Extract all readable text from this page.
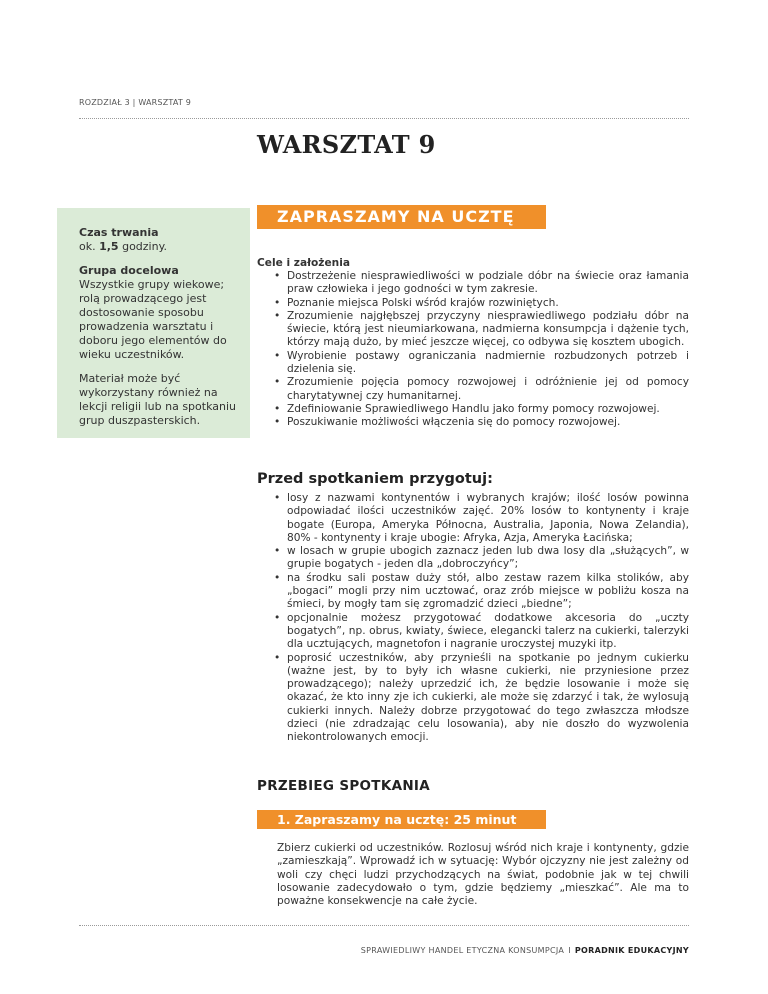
ROZDZIAŁ 3 | WARSZTAT 9
WARSZTAT 9

Czas trwania

ok. 1,5 godziny.

Grupa docelowa

Wszystkie grupy wiekowe; rolą prowadzącego jest dostosowanie sposobu prowadzenia warsztatu i doboru jego elementów do wieku uczestników.

Materiał może być wykorzystany również na lekcji religii lub na spotkaniu grup duszpasterskich.

ZAPRASZAMY NA UCZTĘ
Cele i założenia
• Dostrzeżenie niesprawiedliwości w podziale dóbr na świecie oraz łamania praw człowieka i jego godności w tym zakresie.
• Poznanie miejsca Polski wśród krajów rozwiniętych.
• Zrozumienie najgłębszej przyczyny niesprawiedliwego podziału dóbr na świecie, którą jest nieumiarkowana, nadmierna konsumpcja i dążenie tych, którzy mają dużo, by mieć jeszcze więcej, co odbywa się kosztem ubogich.
• Wyrobienie postawy ograniczania nadmiernie rozbudzonych potrzeb i dzielenia się.
• Zrozumienie pojęcia pomocy rozwojowej i odróżnienie jej od pomocy charytatywnej czy humanitarnej.
• Zdefiniowanie Sprawiedliwego Handlu jako formy pomocy rozwojowej.
• Poszukiwanie możliwości włączenia się do pomocy rozwojowej.
Przed spotkaniem przygotuj:
• losy z nazwami kontynentów i wybranych krajów; ilość losów powinna odpowiadać ilości uczestników zajęć. 20% losów to kontynenty i kraje bogate (Europa, Ameryka Północna, Australia, Japonia, Nowa Zelandia), 80% - kontynenty i kraje ubogie: Afryka, Azja, Ameryka Łacińska;
• w losach w grupie ubogich zaznacz jeden lub dwa losy dla „służących”, w grupie bogatych - jeden dla „dobroczyńcy”;
• na środku sali postaw duży stół, albo zestaw razem kilka stolików, aby „bogaci” mogli przy nim ucztować, oraz zrób miejsce w pobliżu kosza na śmieci, by mogły tam się zgromadzić dzieci „biedne”;
• opcjonalnie możesz przygotować dodatkowe akcesoria do „uczty bogatych”, np. obrus, kwiaty, świece, elegancki talerz na cukierki, talerzyki dla ucztujących, magnetofon i nagranie uroczystej muzyki itp.
• poprosić uczestników, aby przynieśli na spotkanie po jednym cukierku (ważne jest, by to były ich własne cukierki, nie przyniesione przez prowadzącego); należy uprzedzić ich, że będzie losowanie i może się okazać, że kto inny zje ich cukierki, ale może się zdarzyć i tak, że wylosują cukierki innych. Należy dobrze przygotować do tego zwłaszcza młodsze dzieci (nie zdradzając celu losowania), aby nie doszło do wyzwolenia niekontrolowanych emocji.
PRZEBIEG SPOTKANIA
1. Zapraszamy na ucztę: 25 minut
Zbierz cukierki od uczestników. Rozlosuj wśród nich kraje i kontynenty, gdzie „zamieszkają”. Wprowadź ich w sytuację: Wybór ojczyzny nie jest zależny od woli czy chęci ludzi przychodzących na świat, podobnie jak w tej chwili losowanie zadecydowało o tym, gdzie będziemy „mieszkać”. Ale ma to poważne konsekwencje na całe życie.
SPRAWIEDLIWY HANDEL ETYCZNA KONSUMPCJA I PORADNIK EDUKACYJNY
